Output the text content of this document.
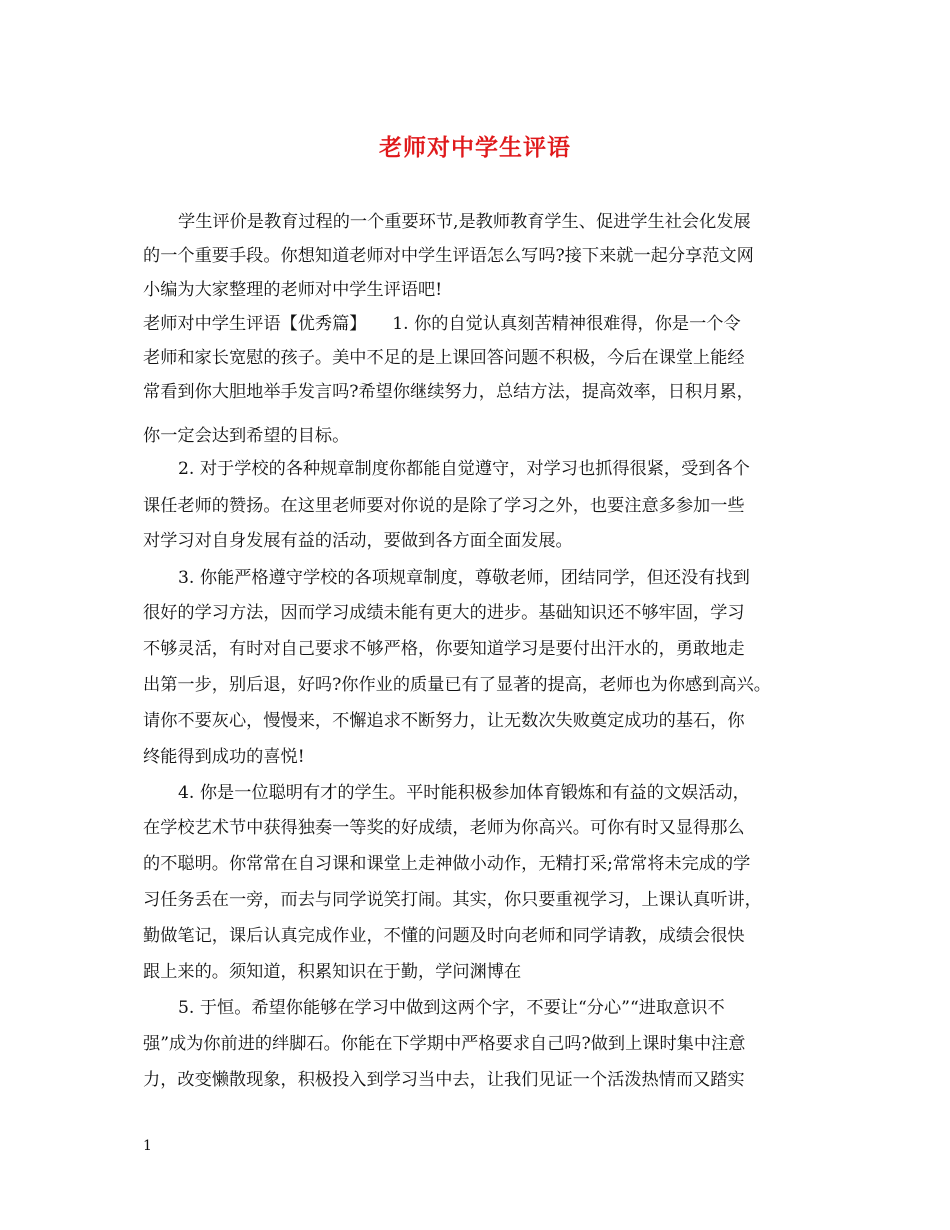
老师对中学生评语
学生评价是教育过程的一个重要环节,是教师教育学生、促进学生社会化发展
的一个重要手段。你想知道老师对中学生评语怎么写吗?接下来就一起分享范文网
小编为大家整理的老师对中学生评语吧!
老师对中学生评语【优秀篇】　　1. 你的自觉认真刻苦精神很难得，你是一个令
老师和家长宽慰的孩子。美中不足的是上课回答问题不积极，今后在课堂上能经
常看到你大胆地举手发言吗?希望你继续努力，总结方法，提高效率，日积月累，
你一定会达到希望的目标。
2. 对于学校的各种规章制度你都能自觉遵守，对学习也抓得很紧，受到各个
课任老师的赞扬。在这里老师要对你说的是除了学习之外，也要注意多参加一些
对学习对自身发展有益的活动，要做到各方面全面发展。
3. 你能严格遵守学校的各项规章制度，尊敬老师，团结同学，但还没有找到
很好的学习方法，因而学习成绩未能有更大的进步。基础知识还不够牢固，学习
不够灵活，有时对自己要求不够严格，你要知道学习是要付出汗水的，勇敢地走
出第一步，别后退，好吗?你作业的质量已有了显著的提高，老师也为你感到高兴。
请你不要灰心，慢慢来，不懈追求不断努力，让无数次失败奠定成功的基石，你
终能得到成功的喜悦!
4. 你是一位聪明有才的学生。平时能积极参加体育锻炼和有益的文娱活动，
在学校艺术节中获得独奏一等奖的好成绩，老师为你高兴。可你有时又显得那么
的不聪明。你常常在自习课和课堂上走神做小动作，无精打采;常常将未完成的学
习任务丢在一旁，而去与同学说笑打闹。其实，你只要重视学习，上课认真听讲，
勤做笔记，课后认真完成作业，不懂的问题及时向老师和同学请教，成绩会很快
跟上来的。须知道，积累知识在于勤，学问渊博在
5. 于恒。希望你能够在学习中做到这两个字，不要让“分心”“进取意识不
强”成为你前进的绊脚石。你能在下学期中严格要求自己吗?做到上课时集中注意
力，改变懒散现象，积极投入到学习当中去，让我们见证一个活泼热情而又踏实
1
